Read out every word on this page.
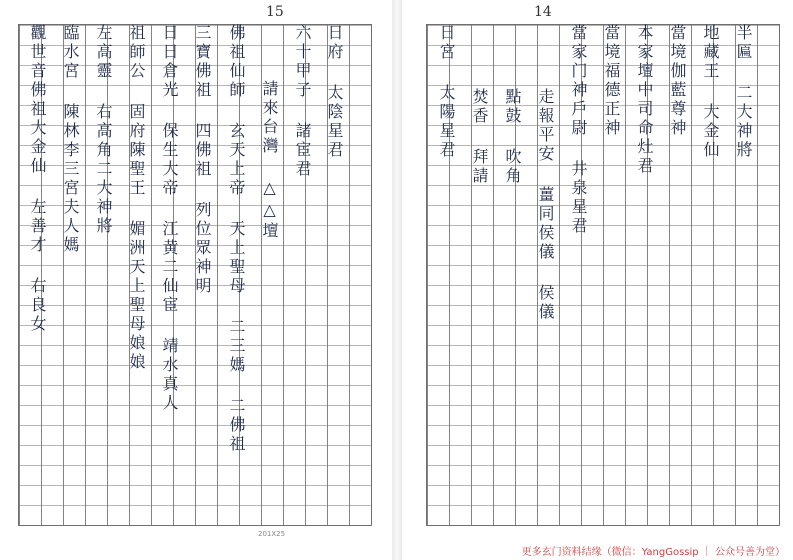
15
日府 太陰星君
六十甲子 諸宦君
請來台灣 △△壇
佛祖仙師 玄天上帝 天上聖母 二三媽 二佛祖
三寶佛祖 四佛祖 列位眾神明
日日倉光 保生大帝 江黄二仙宦 靖水真人
祖師公 固府陳聖王 媚洲天上聖母娘娘
左高靈 右高角二大神將
臨水宮 陳林李三宮夫人媽
觀世音佛祖大金仙 左善才 右良女
201X25
14
半匾 二大神將
地藏王 大金仙
當境伽藍尊神
本家壇中司命灶君
當境福德正神
當家门神戶尉 井泉星君
走報平安 薑同侯儀 侯儀
點鼓 吹角
焚香 拜請
日宮 太陽星君
更多玄门资料结缘（微信：YangGossip ｜ 公众号善为堂）
